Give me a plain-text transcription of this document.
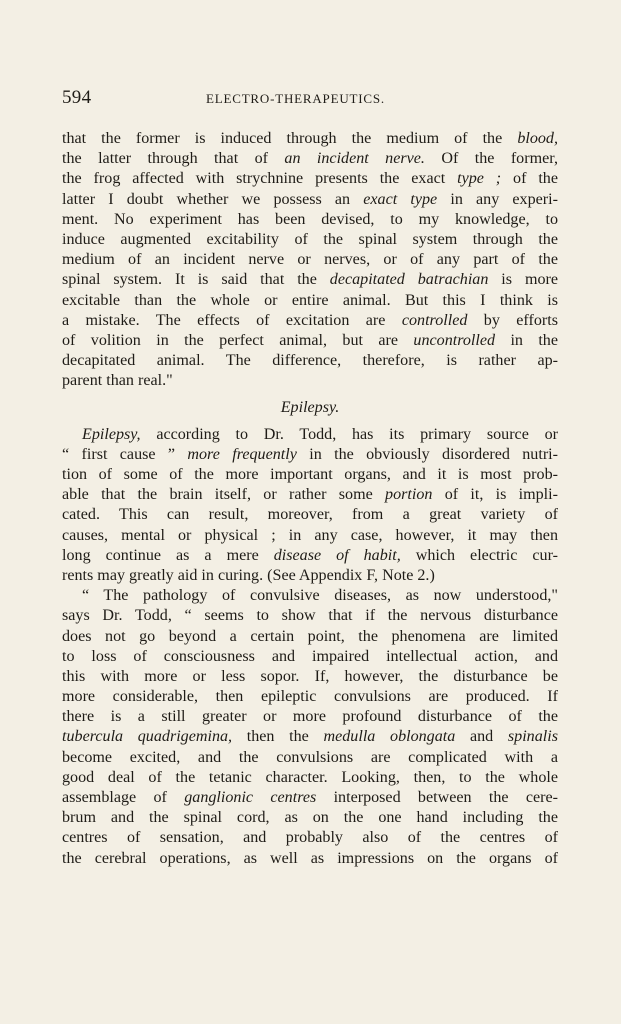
594	ELECTRO-THERAPEUTICS.
that the former is induced through the medium of the blood,
the latter through that of an incident nerve. Of the former,
the frog affected with strychnine presents the exact type ; of the
latter I doubt whether we possess an exact type in any experi-
ment. No experiment has been devised, to my knowledge, to
induce augmented excitability of the spinal system through the
medium of an incident nerve or nerves, or of any part of the
spinal system. It is said that the decapitated batrachian is more
excitable than the whole or entire animal. But this I think is
a mistake. The effects of excitation are controlled by efforts
of volition in the perfect animal, but are uncontrolled in the
decapitated animal. The difference, therefore, is rather ap-
parent than real."
Epilepsy.
Epilepsy, according to Dr. Todd, has its primary source or
“ first cause ” more frequently in the obviously disordered nutri-
tion of some of the more important organs, and it is most prob-
able that the brain itself, or rather some portion of it, is impli-
cated. This can result, moreover, from a great variety of
causes, mental or physical ; in any case, however, it may then
long continue as a mere disease of habit, which electric cur-
rents may greatly aid in curing. (See Appendix F, Note 2.)
“ The pathology of convulsive diseases, as now understood,"
says Dr. Todd, “ seems to show that if the nervous disturbance
does not go beyond a certain point, the phenomena are limited
to loss of consciousness and impaired intellectual action, and
this with more or less sopor. If, however, the disturbance be
more considerable, then epileptic convulsions are produced. If
there is a still greater or more profound disturbance of the
tubercula quadrigemina, then the medulla oblongata and spinalis
become excited, and the convulsions are complicated with a
good deal of the tetanic character. Looking, then, to the whole
assemblage of ganglionic centres interposed between the cere-
brum and the spinal cord, as on the one hand including the
centres of sensation, and probably also of the centres of
the cerebral operations, as well as impressions on the organs of
